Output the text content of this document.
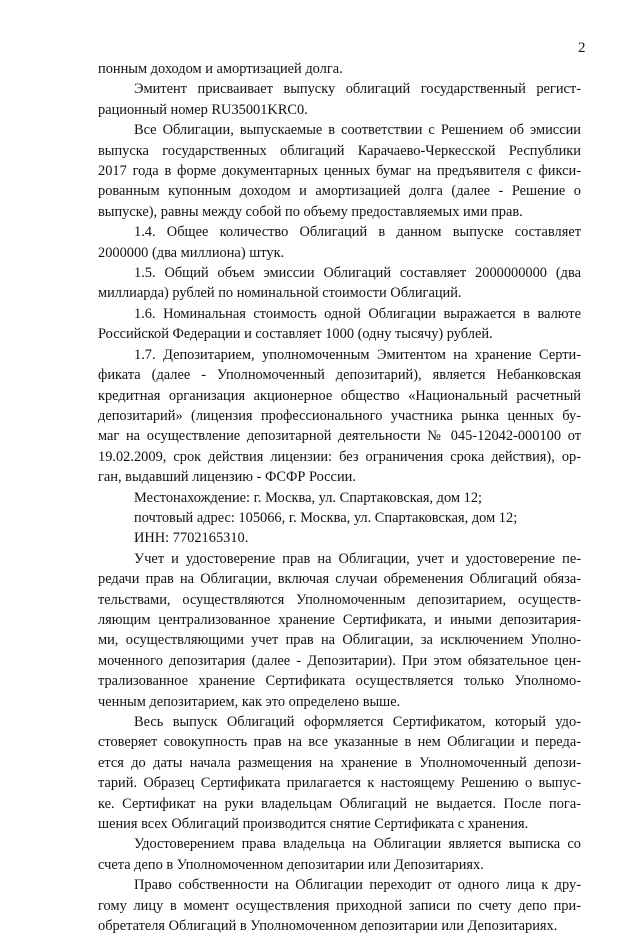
2
понным доходом и амортизацией долга.
Эмитент присваивает выпуску облигаций государственный регист-
рационный номер RU35001KRC0.
Все Облигации, выпускаемые в соответствии с Решением об эмиссии
выпуска государственных облигаций Карачаево-Черкесской Республики
2017 года в форме документарных ценных бумаг на предъявителя с фикси-
рованным купонным доходом и амортизацией долга (далее - Решение о
выпуске), равны между собой по объему предоставляемых ими прав.
1.4. Общее количество Облигаций в данном выпуске составляет
2000000 (два миллиона) штук.
1.5. Общий объем эмиссии Облигаций составляет 2000000000 (два
миллиарда) рублей по номинальной стоимости Облигаций.
1.6. Номинальная стоимость одной Облигации выражается в валюте
Российской Федерации и составляет 1000 (одну тысячу) рублей.
1.7. Депозитарием, уполномоченным Эмитентом на хранение Серти-
фиката (далее - Уполномоченный депозитарий), является Небанковская
кредитная организация акционерное общество «Национальный расчетный
депозитарий» (лицензия профессионального участника рынка ценных бу-
маг на осуществление депозитарной деятельности № 045-12042-000100 от
19.02.2009, срок действия лицензии: без ограничения срока действия), ор-
ган, выдавший лицензию - ФСФР России.
Местонахождение: г. Москва, ул. Спартаковская, дом 12;
почтовый адрес: 105066, г. Москва, ул. Спартаковская, дом 12;
ИНН: 7702165310.
Учет и удостоверение прав на Облигации, учет и удостоверение пе-
редачи прав на Облигации, включая случаи обременения Облигаций обяза-
тельствами, осуществляются Уполномоченным депозитарием, осуществ-
ляющим централизованное хранение Сертификата, и иными депозитария-
ми, осуществляющими учет прав на Облигации, за исключением Уполно-
моченного депозитария (далее - Депозитарии). При этом обязательное цен-
трализованное хранение Сертификата осуществляется только Уполномо-
ченным депозитарием, как это определено выше.
Весь выпуск Облигаций оформляется Сертификатом, который удо-
стоверяет совокупность прав на все указанные в нем Облигации и переда-
ется до даты начала размещения на хранение в Уполномоченный депози-
тарий. Образец Сертификата прилагается к настоящему Решению о выпус-
ке. Сертификат на руки владельцам Облигаций не выдается. После пога-
шения всех Облигаций производится снятие Сертификата с хранения.
Удостоверением права владельца на Облигации является выписка со
счета депо в Уполномоченном депозитарии или Депозитариях.
Право собственности на Облигации переходит от одного лица к дру-
гому лицу в момент осуществления приходной записи по счету депо при-
обретателя Облигаций в Уполномоченном депозитарии или Депозитариях.
